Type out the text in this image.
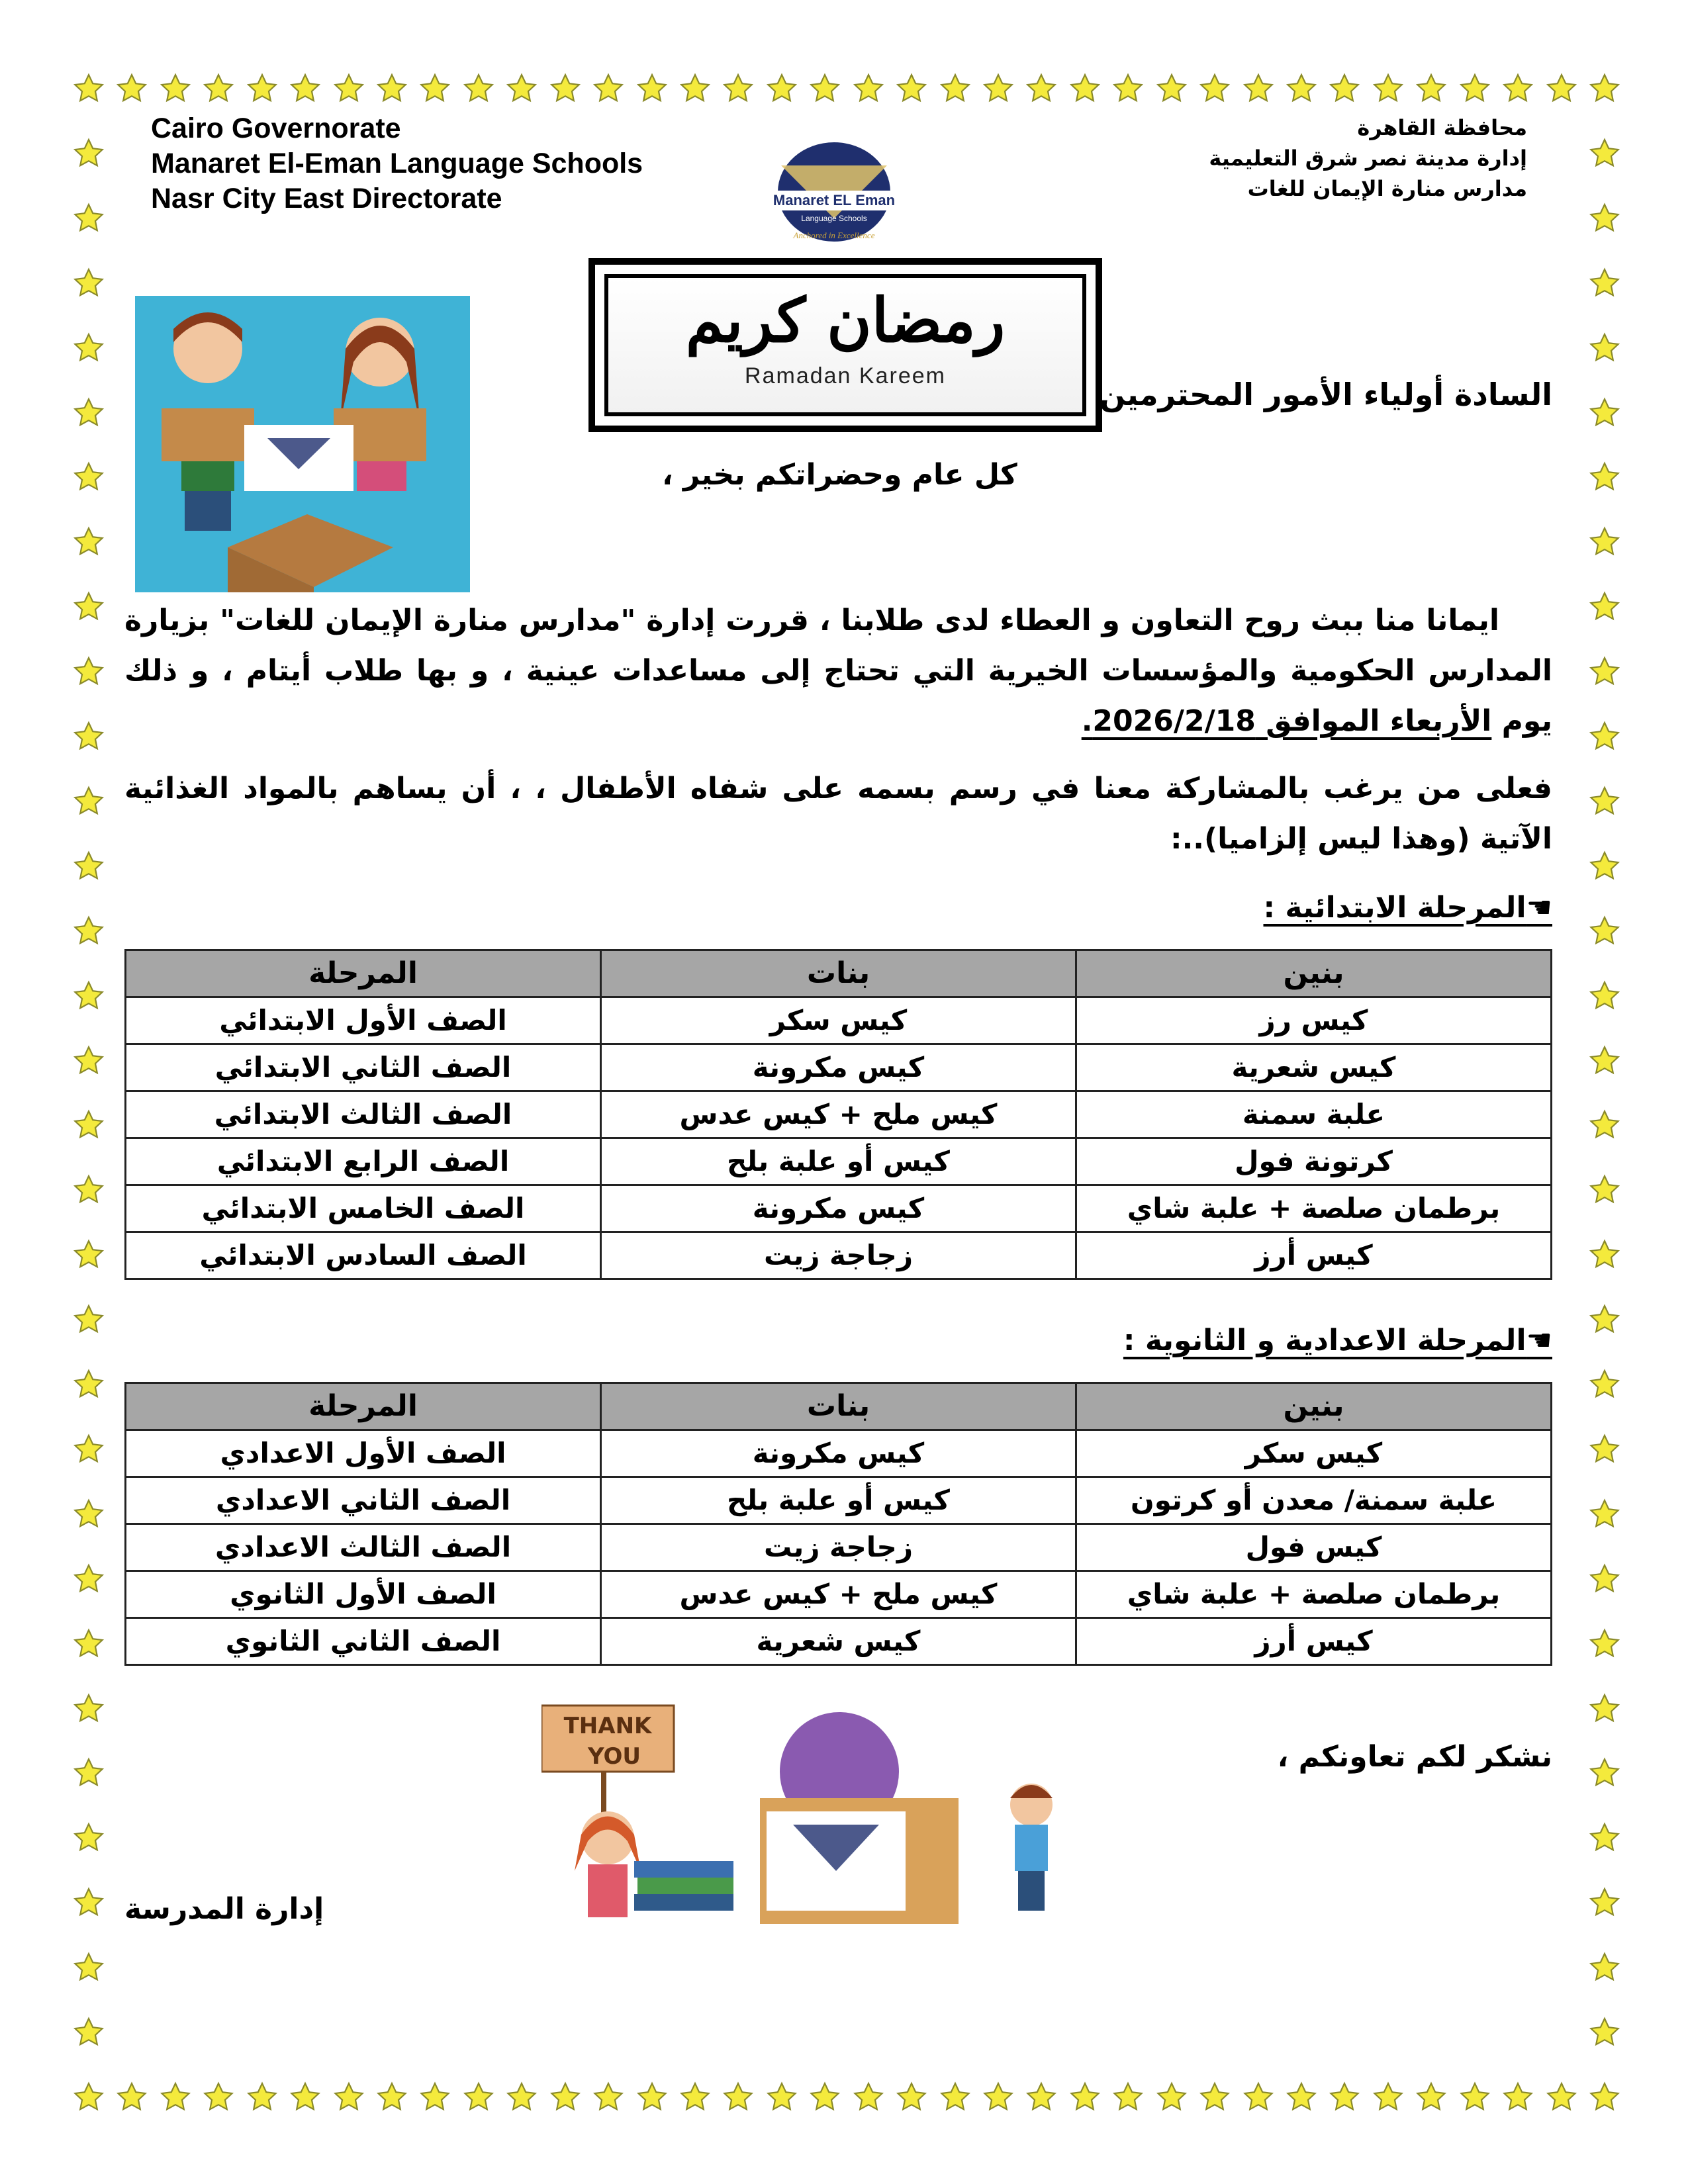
Cairo Governorate
Manaret El-Eman Language Schools
Nasr City East Directorate
محافظة القاهرة
إدارة مدينة نصر شرق التعليمية
مدارس منارة الإيمان للغات
Manaret EL Eman
Language Schools
Anchored in Excellence
رمضان كريم
Ramadan Kareem
السادة أولياء الأمور المحترمين
كل عام وحضراتكم بخير ،
ايمانا منا ببث روح التعاون و العطاء لدى طلابنا ، قررت إدارة "مدارس منارة الإيمان للغات" بزيارة المدارس الحكومية والمؤسسات الخيرية التي تحتاج إلى مساعدات عينية ، و بها طلاب أيتام ، و ذلك يوم الأربعاء الموافق 2026/2/18.
فعلى من يرغب بالمشاركة معنا في رسم بسمه على شفاه الأطفال ، ، أن يساهم بالمواد الغذائية الآتية (وهذا ليس إلزاميا)..:
☚المرحلة الابتدائية :
بنين	بنات	المرحلة
كيس رز	كيس سكر	الصف الأول الابتدائي
كيس شعرية	كيس مكرونة	الصف الثاني الابتدائي
علبة سمنة	كيس ملح + كيس عدس	الصف الثالث الابتدائي
كرتونة فول	كيس أو علبة بلح	الصف الرابع الابتدائي
برطمان صلصة + علبة شاي	كيس مكرونة	الصف الخامس الابتدائي
كيس أرز	زجاجة زيت	الصف السادس الابتدائي
☚المرحلة الاعدادية و الثانوية :
بنين	بنات	المرحلة
كيس سكر	كيس مكرونة	الصف الأول الاعدادي
علبة سمنة/ معدن أو كرتون	كيس أو علبة بلح	الصف الثاني الاعدادي
كيس فول	زجاجة زيت	الصف الثالث الاعدادي
برطمان صلصة + علبة شاي	كيس ملح + كيس عدس	الصف الأول الثانوي
كيس أرز	كيس شعرية	الصف الثاني الثانوي
THANK
YOU	نشكر لكم تعاونكم ،
إدارة المدرسة
